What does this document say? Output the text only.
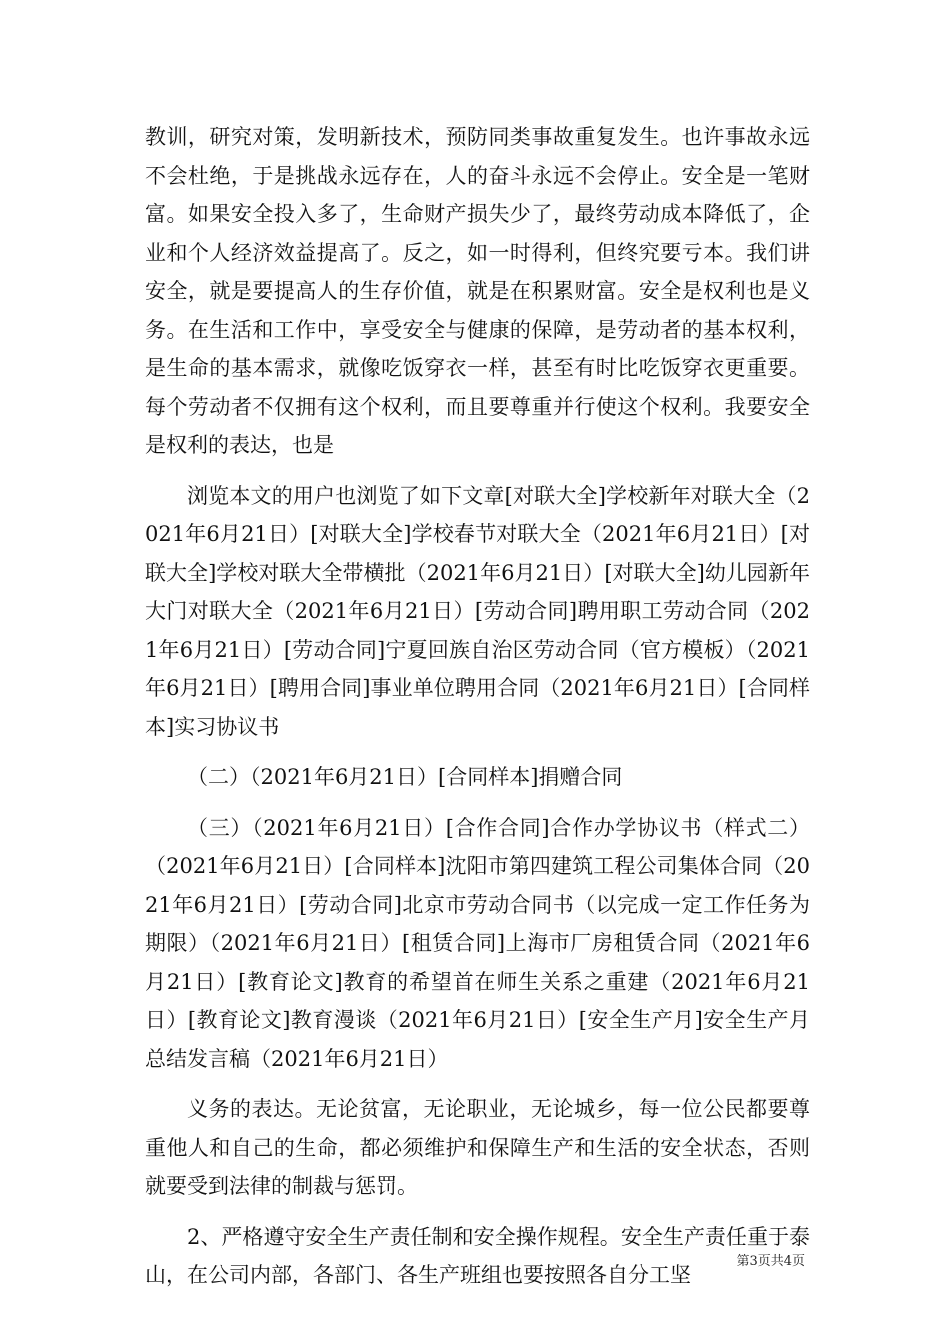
教训，研究对策，发明新技术，预防同类事故重复发生。也许事故永远不会杜绝，于是挑战永远存在，人的奋斗永远不会停止。安全是一笔财富。如果安全投入多了，生命财产损失少了，最终劳动成本降低了，企业和个人经济效益提高了。反之，如一时得利，但终究要亏本。我们讲安全，就是要提高人的生存价值，就是在积累财富。安全是权利也是义务。在生活和工作中，享受安全与健康的保障，是劳动者的基本权利，是生命的基本需求，就像吃饭穿衣一样，甚至有时比吃饭穿衣更重要。每个劳动者不仅拥有这个权利，而且要尊重并行使这个权利。我要安全是权利的表达，也是

浏览本文的用户也浏览了如下文章[对联大全]学校新年对联大全（2021年6月21日）[对联大全]学校春节对联大全（2021年6月21日）[对联大全]学校对联大全带横批（2021年6月21日）[对联大全]幼儿园新年大门对联大全（2021年6月21日）[劳动合同]聘用职工劳动合同（2021年6月21日）[劳动合同]宁夏回族自治区劳动合同（官方模板）（2021年6月21日）[聘用合同]事业单位聘用合同（2021年6月21日）[合同样本]实习协议书

（二）（2021年6月21日）[合同样本]捐赠合同

（三）（2021年6月21日）[合作合同]合作办学协议书（样式二）（2021年6月21日）[合同样本]沈阳市第四建筑工程公司集体合同（2021年6月21日）[劳动合同]北京市劳动合同书（以完成一定工作任务为期限）（2021年6月21日）[租赁合同]上海市厂房租赁合同（2021年6月21日）[教育论文]教育的希望首在师生关系之重建（2021年6月21日）[教育论文]教育漫谈（2021年6月21日）[安全生产月]安全生产月总结发言稿（2021年6月21日）

义务的表达。无论贫富，无论职业，无论城乡，每一位公民都要尊重他人和自己的生命，都必须维护和保障生产和生活的安全状态，否则就要受到法律的制裁与惩罚。

2、严格遵守安全生产责任制和安全操作规程。安全生产责任重于泰山，在公司内部，各部门、各生产班组也要按照各自分工坚

第3页共4页
